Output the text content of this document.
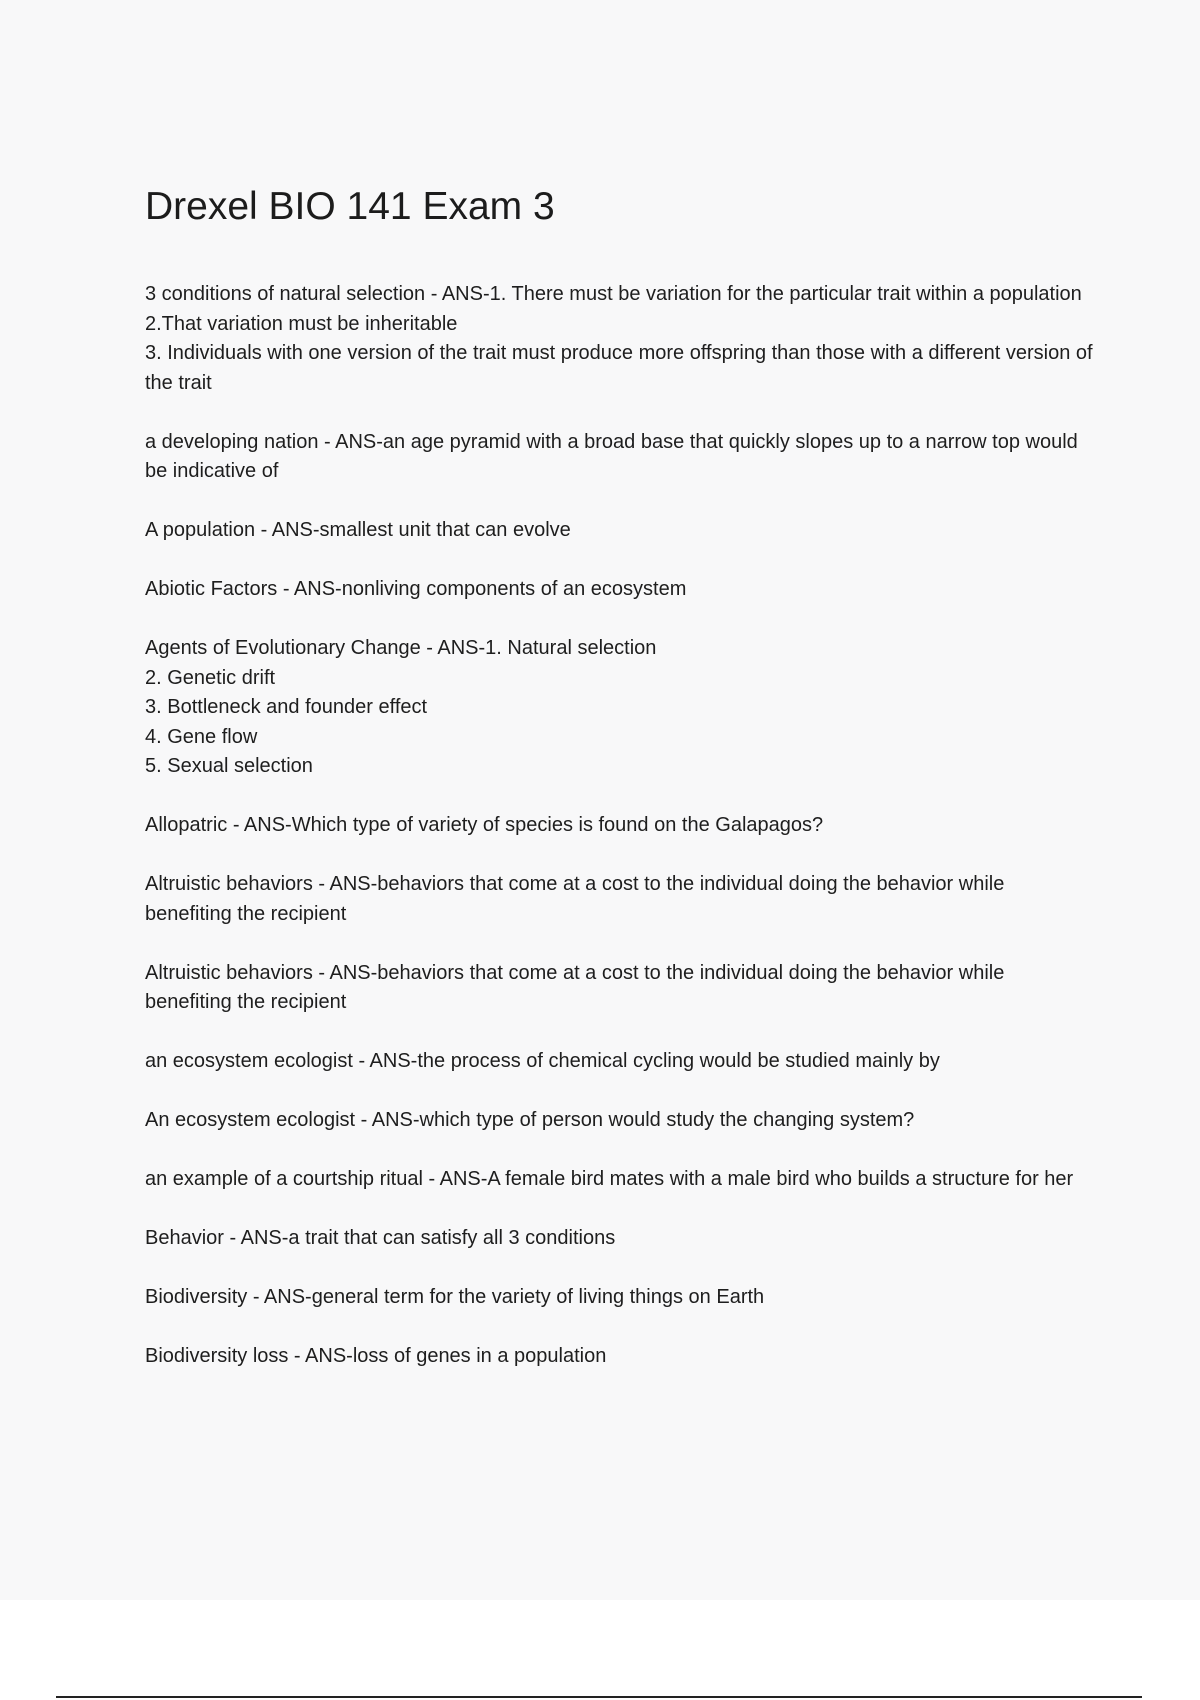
Drexel BIO 141 Exam 3

3 conditions of natural selection - ANS-1. There must be variation for the particular trait within a population
2.That variation must be inheritable
3. Individuals with one version of the trait must produce more offspring than those with a different version of the trait

a developing nation - ANS-an age pyramid with a broad base that quickly slopes up to a narrow top would be indicative of

A population - ANS-smallest unit that can evolve

Abiotic Factors - ANS-nonliving components of an ecosystem

Agents of Evolutionary Change - ANS-1. Natural selection
2. Genetic drift
3. Bottleneck and founder effect
4. Gene flow
5. Sexual selection

Allopatric - ANS-Which type of variety of species is found on the Galapagos?

Altruistic behaviors - ANS-behaviors that come at a cost to the individual doing the behavior while benefiting the recipient

Altruistic behaviors - ANS-behaviors that come at a cost to the individual doing the behavior while benefiting the recipient

an ecosystem ecologist - ANS-the process of chemical cycling would be studied mainly by

An ecosystem ecologist - ANS-which type of person would study the changing system?

an example of a courtship ritual - ANS-A female bird mates with a male bird who builds a structure for her

Behavior - ANS-a trait that can satisfy all 3 conditions

Biodiversity - ANS-general term for the variety of living things on Earth

Biodiversity loss - ANS-loss of genes in a population
